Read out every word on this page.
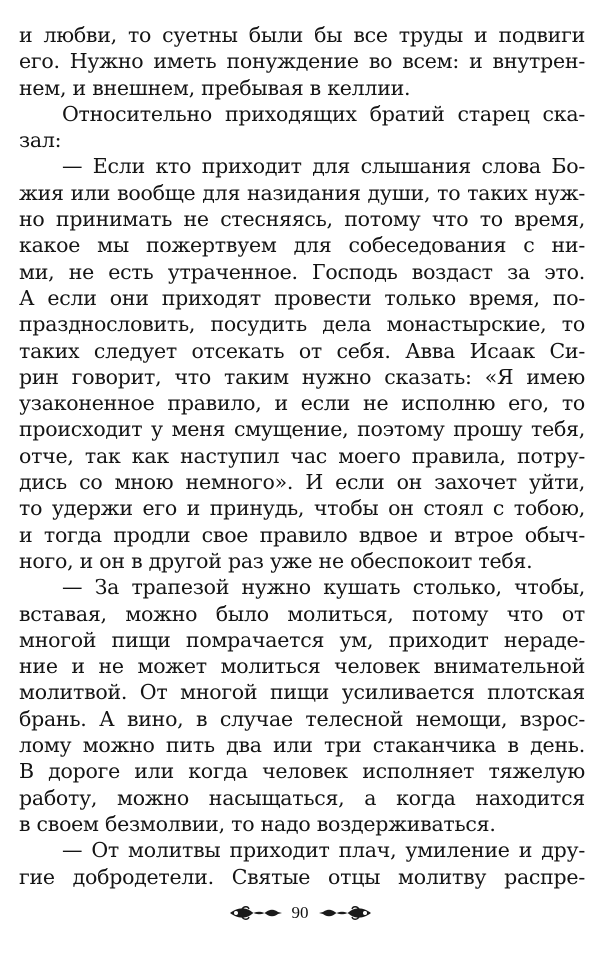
и любви, то суетны были бы все труды и подвиги
его. Нужно иметь понуждение во всем: и внутрен-
нем, и внешнем, пребывая в келлии.
Относительно приходящих братий старец ска-
зал:
— Если кто приходит для слышания слова Бо-
жия или вообще для назидания души, то таких нуж-
но принимать не стесняясь, потому что то время,
какое мы пожертвуем для собеседования с ни-
ми, не есть утраченное. Господь воздаст за это.
А если они приходят провести только время, по-
празднословить, посудить дела монастырские, то
таких следует отсекать от себя. Авва Исаак Си-
рин говорит, что таким нужно сказать: «Я имею
узаконенное правило, и если не исполню его, то
происходит у меня смущение, поэтому прошу тебя,
отче, так как наступил час моего правила, потру-
дись со мною немного». И если он захочет уйти,
то удержи его и принудь, чтобы он стоял с тобою,
и тогда продли свое правило вдвое и втрое обыч-
ного, и он в другой раз уже не обеспокоит тебя.
— За трапезой нужно кушать столько, чтобы,
вставая, можно было молиться, потому что от
многой пищи помрачается ум, приходит нераде-
ние и не может молиться человек внимательной
молитвой. От многой пищи усиливается плотская
брань. А вино, в случае телесной немощи, взрос-
лому можно пить два или три стаканчика в день.
В дороге или когда человек исполняет тяжелую
работу, можно насыщаться, а когда находится
в своем безмолвии, то надо воздерживаться.
— От молитвы приходит плач, умиление и дру-
гие добродетели. Святые отцы молитву распре-
90
